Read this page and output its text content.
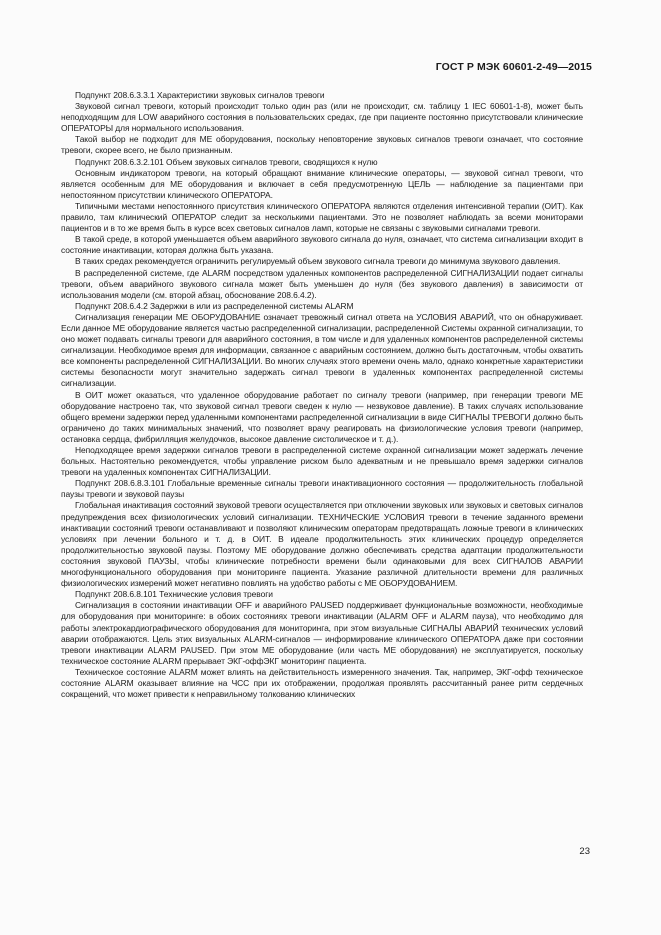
ГОСТ Р МЭК 60601-2-49—2015

Подпункт 208.6.3.3.1 Характеристики звуковых сигналов тревоги

Звуковой сигнал тревоги, который происходит только один раз (или не происходит, см. таблицу 1 IEC 60601-1-8), может быть неподходящим для LOW аварийного состояния в пользовательских средах, где при пациенте постоянно присутствовали клинические ОПЕРАТОРЫ для нормального использования.

Такой выбор не подходит для МЕ оборудования, поскольку неповторение звуковых сигналов тревоги означает, что состояние тревоги, скорее всего, не было признанным.

Подпункт 208.6.3.2.101 Объем звуковых сигналов тревоги, сводящихся к нулю

Основным индикатором тревоги, на который обращают внимание клинические операторы, — звуковой сигнал тревоги, что является особенным для МЕ оборудования и включает в себя предусмотренную ЦЕЛЬ — наблюдение за пациентами при непостоянном присутствии клинического ОПЕРАТОРА.

Типичными местами непостоянного присутствия клинического ОПЕРАТОРА являются отделения интенсивной терапии (ОИТ). Как правило, там клинический ОПЕРАТОР следит за несколькими пациентами. Это не позволяет наблюдать за всеми мониторами пациентов и в то же время быть в курсе всех световых сигналов ламп, которые не связаны с звуковыми сигналами тревоги.

В такой среде, в которой уменьшается объем аварийного звукового сигнала до нуля, означает, что система сигнализации входит в состояние инактивации, которая должна быть указана.

В таких средах рекомендуется ограничить регулируемый объем звукового сигнала тревоги до минимума звукового давления.

В распределенной системе, где ALARM посредством удаленных компонентов распределенной СИГНАЛИЗАЦИИ подает сигналы тревоги, объем аварийного звукового сигнала может быть уменьшен до нуля (без звукового давления) в зависимости от использования модели (см. второй абзац, обоснование 208.6.4.2).

Подпункт 208.6.4.2 Задержки в или из распределенной системы ALARM

Сигнализация генерации МЕ ОБОРУДОВАНИЕ означает тревожный сигнал ответа на УСЛОВИЯ АВАРИЙ, что он обнаруживает. Если данное МЕ оборудование является частью распределенной сигнализации, распределенной Системы охранной сигнализации, то оно может подавать сигналы тревоги для аварийного состояния, в том числе и для удаленных компонентов распределенной системы сигнализации. Необходимое время для информации, связанное с аварийным состоянием, должно быть достаточным, чтобы охватить все компоненты распределенной СИГНАЛИЗАЦИИ. Во многих случаях этого времени очень мало, однако конкретные характеристики системы безопасности могут значительно задержать сигнал тревоги в удаленных компонентах распределенной системы сигнализации.

В ОИТ может оказаться, что удаленное оборудование работает по сигналу тревоги (например, при генерации тревоги МЕ оборудование настроено так, что звуковой сигнал тревоги сведен к нулю — незвуковое давление). В таких случаях использование общего времени задержки перед удаленными компонентами распределенной сигнализации в виде СИГНАЛЫ ТРЕВОГИ должно быть ограничено до таких минимальных значений, что позволяет врачу реагировать на физиологические условия тревоги (например, остановка сердца, фибрилляция желудочков, высокое давление систолическое и т. д.).

Неподходящее время задержки сигналов тревоги в распределенной системе охранной сигнализации может задержать лечение больных. Настоятельно рекомендуется, чтобы управление риском было адекватным и не превышало время задержки сигналов тревоги на удаленных компонентах СИГНАЛИЗАЦИИ.

Подпункт 208.6.8.3.101 Глобальные временные сигналы тревоги инактивационного состояния — продолжительность глобальной паузы тревоги и звуковой паузы

Глобальная инактивация состояний звуковой тревоги осуществляется при отключении звуковых или звуковых и световых сигналов предупреждения всех физиологических условий сигнализации. ТЕХНИЧЕСКИЕ УСЛОВИЯ тревоги в течение заданного времени инактивации состояний тревоги останавливают и позволяют клиническим операторам предотвращать ложные тревоги в клинических условиях при лечении больного и т. д. в ОИТ. В идеале продолжительность этих клинических процедур определяется продолжительностью звуковой паузы. Поэтому МЕ оборудование должно обеспечивать средства адаптации продолжительности состояния звуковой ПАУЗЫ, чтобы клинические потребности времени были одинаковыми для всех СИГНАЛОВ АВАРИИ многофункционального оборудования при мониторинге пациента. Указание различной длительности времени для различных физиологических измерений может негативно повлиять на удобство работы с МЕ ОБОРУДОВАНИЕМ.

Подпункт 208.6.8.101 Технические условия тревоги

Сигнализация в состоянии инактивации OFF и аварийного PAUSED поддерживает функциональные возможности, необходимые для оборудования при мониторинге: в обоих состояниях тревоги инактивации (ALARM OFF и ALARM пауза), что необходимо для работы электрокардиографического оборудования для мониторинга, при этом визуальные СИГНАЛЫ АВАРИЙ технических условий аварии отображаются. Цель этих визуальных ALARM-сигналов — информирование клинического ОПЕРАТОРА даже при состоянии тревоги инактивации ALARM PAUSED. При этом МЕ оборудование (или часть МЕ оборудования) не эксплуатируется, поскольку техническое состояние ALARM прерывает ЭКГ-оффЭКГ мониторинг пациента.

Техническое состояние ALARM может влиять на действительность измеренного значения. Так, например, ЭКГ-офф техническое состояние ALARM оказывает влияние на ЧСС при их отображении, продолжая проявлять рассчитанный ранее ритм сердечных сокращений, что может привести к неправильному толкованию клинических

23
